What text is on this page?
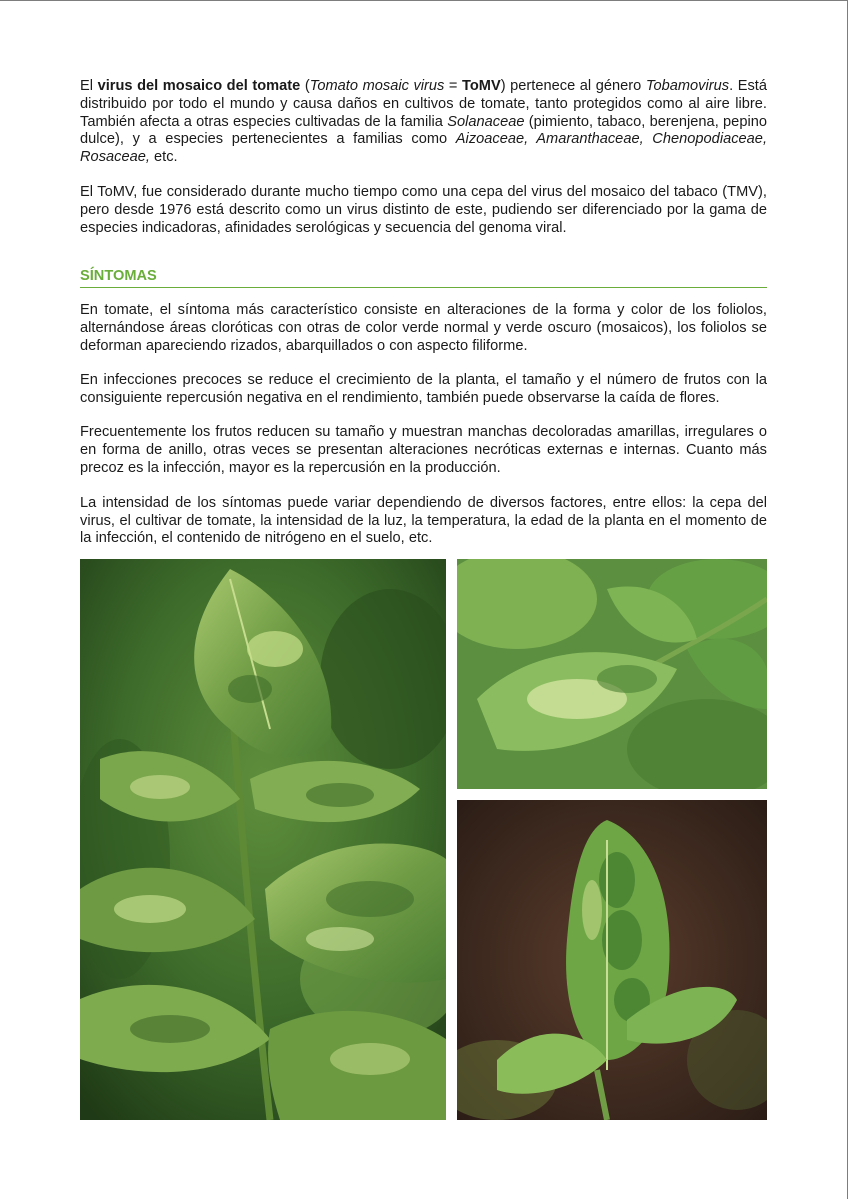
El virus del mosaico del tomate (Tomato mosaic virus = ToMV) pertenece al género Tobamovirus. Está distribuido por todo el mundo y causa daños en cultivos de tomate, tanto protegidos como al aire libre. También afecta a otras especies cultivadas de la familia Solanaceae (pimiento, tabaco, berenjena, pepino dulce), y a especies pertenecientes a familias como Aizoaceae, Amaranthaceae, Chenopodiaceae, Rosaceae, etc.

El ToMV, fue considerado durante mucho tiempo como una cepa del virus del mosaico del tabaco (TMV), pero desde 1976 está descrito como un virus distinto de este, pudiendo ser diferenciado por la gama de especies indicadoras, afinidades serológicas y secuencia del genoma viral.

SÍNTOMAS

En tomate, el síntoma más característico consiste en alteraciones de la forma y color de los foliolos, alternándose áreas cloróticas con otras de color verde normal y verde oscuro (mosaicos), los foliolos se deforman apareciendo rizados, abarquillados o con aspecto filiforme.

En infecciones precoces se reduce el crecimiento de la planta, el tamaño y el número de frutos con la consiguiente repercusión negativa en el rendimiento, también puede observarse la caída de flores.

Frecuentemente los frutos reducen su tamaño y muestran manchas decoloradas amarillas, irregulares o en forma de anillo, otras veces se presentan alteraciones necróticas externas e internas. Cuanto más precoz es la infección, mayor es la repercusión en la producción.

La intensidad de los síntomas puede variar dependiendo de diversos factores, entre ellos: la cepa del virus, el cultivar de tomate, la intensidad de la luz, la temperatura, la edad de la planta en el momento de la infección, el contenido de nitrógeno en el suelo, etc.
